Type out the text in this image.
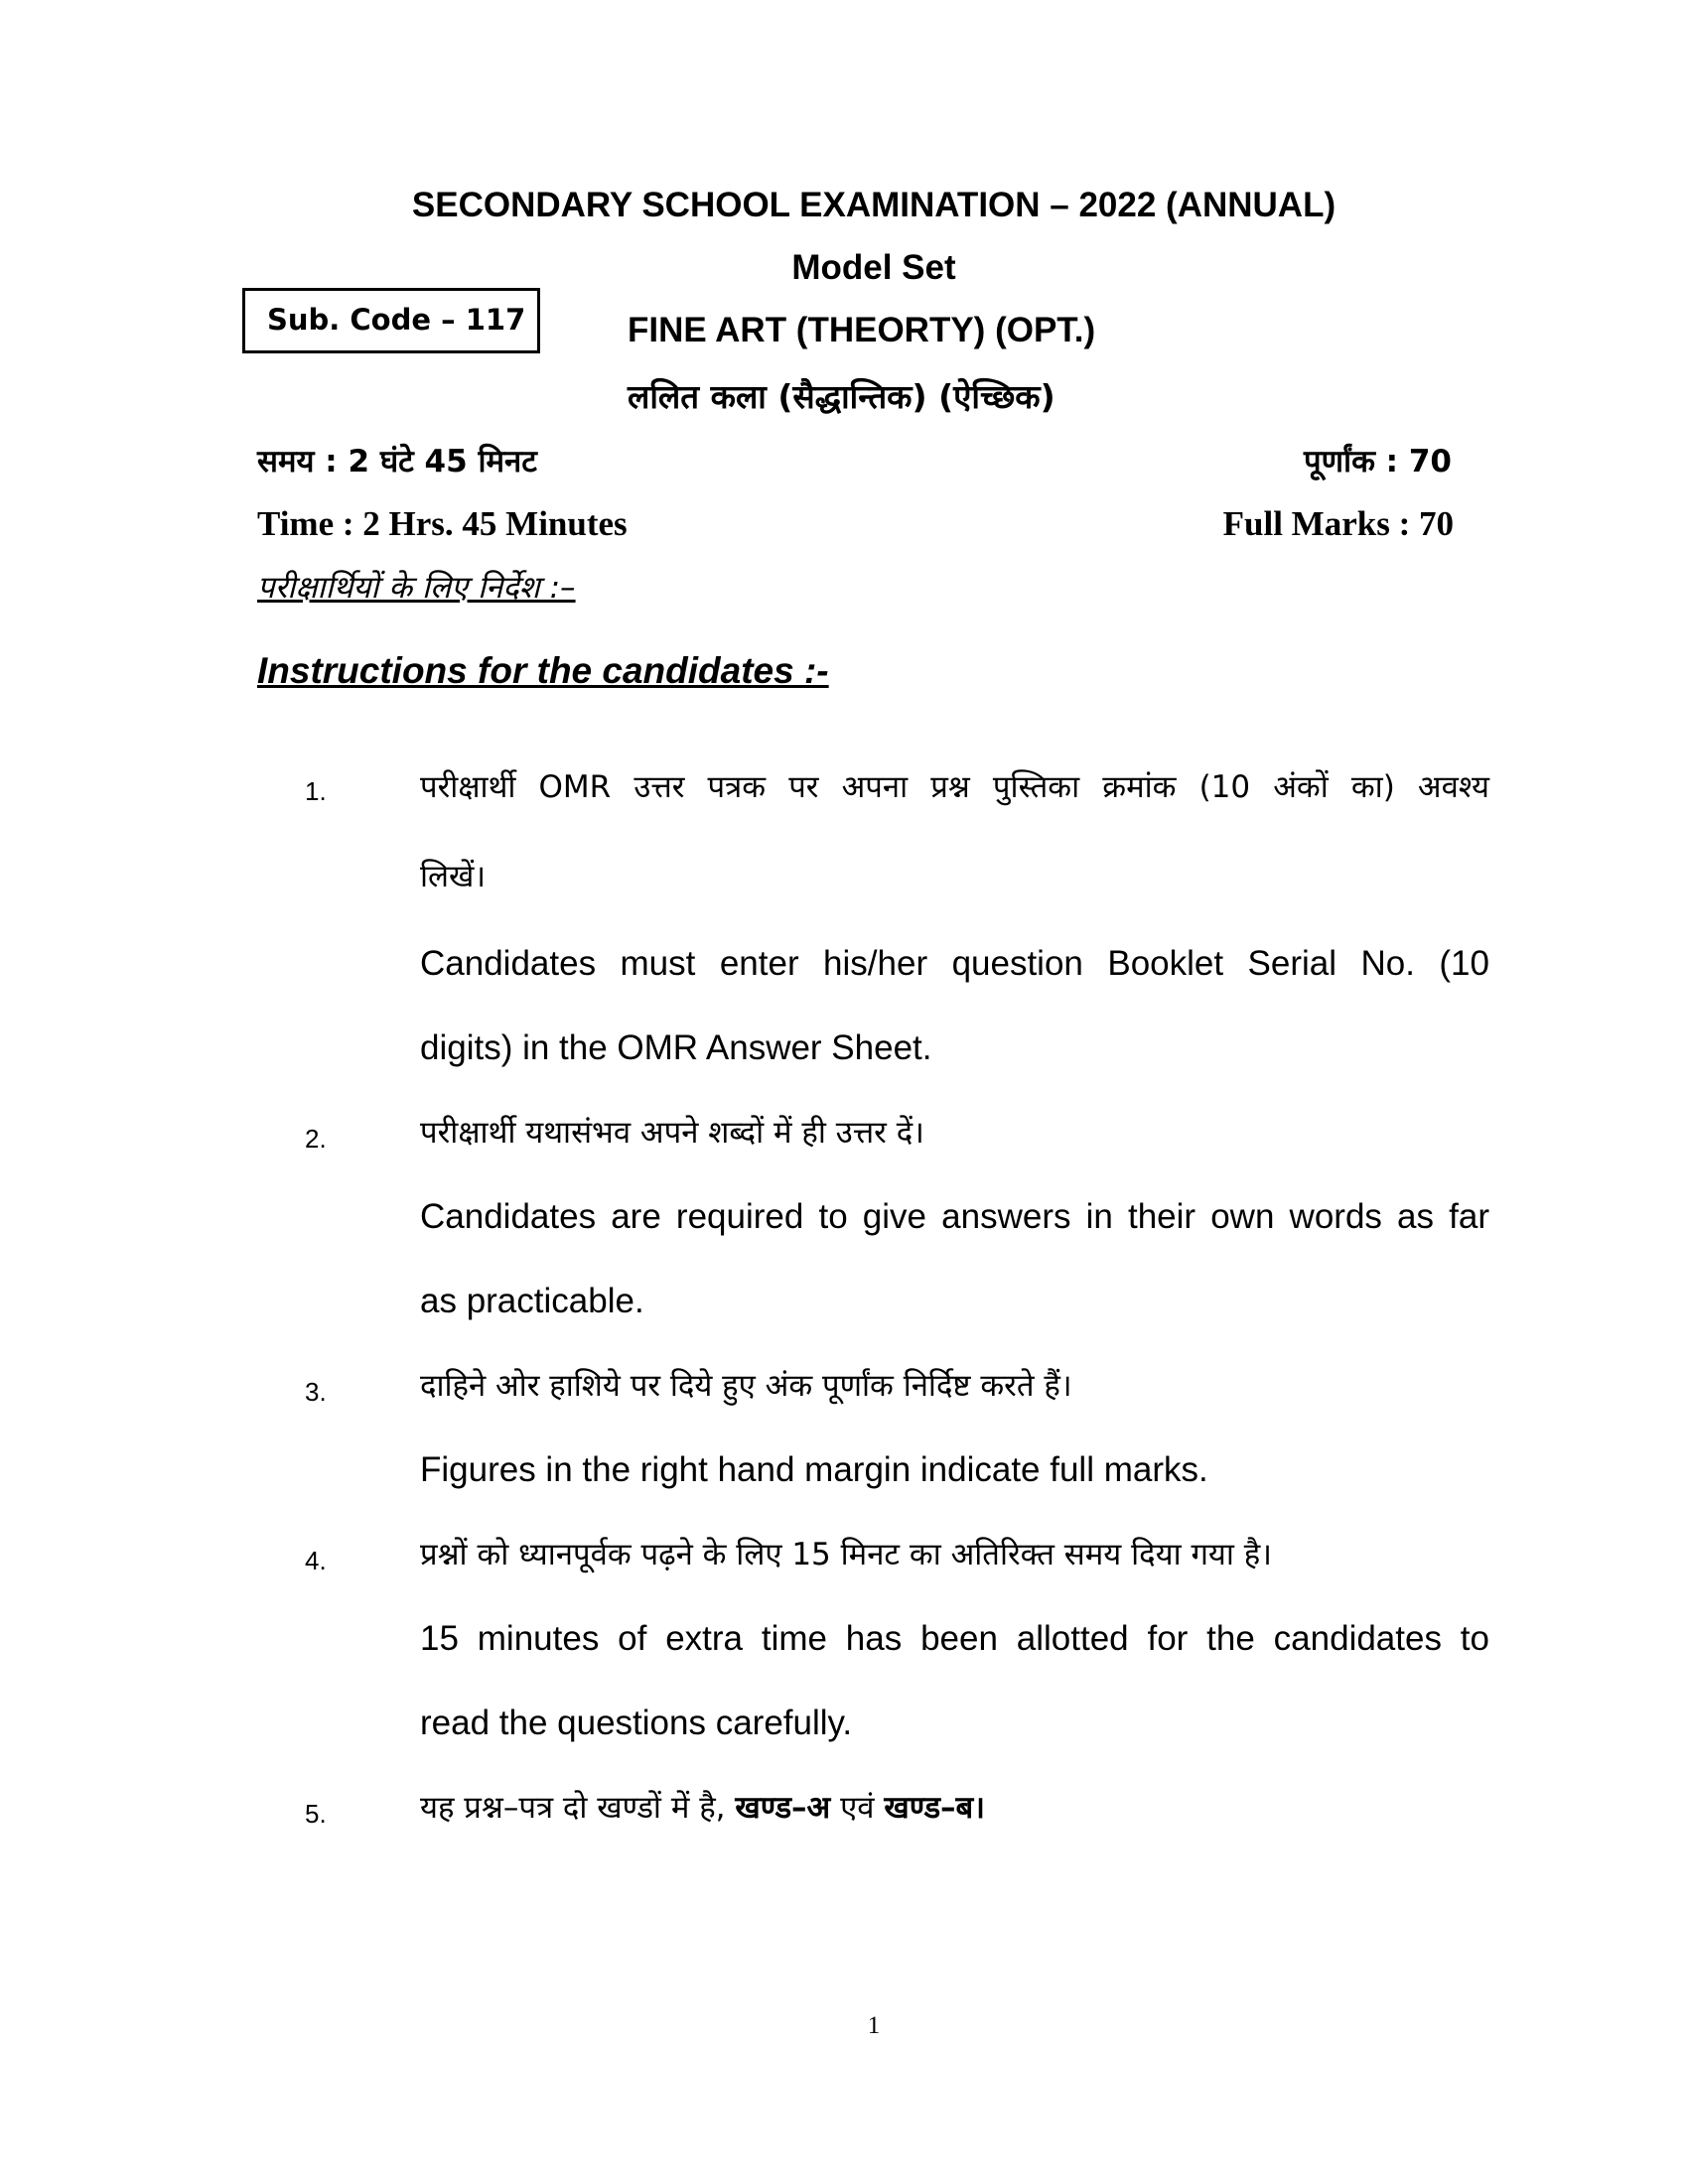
SECONDARY SCHOOL EXAMINATION – 2022 (ANNUAL)
Model Set
Sub. Code – 117	FINE ART (THEORTY) (OPT.)
ललित कला (सैद्धान्तिक) (ऐच्छिक)
समय : 2 घंटे 45 मिनट	पूर्णांक : 70
Time : 2 Hrs. 45 Minutes	Full Marks : 70
परीक्षार्थियों के लिए निर्देश :–
Instructions for the candidates :-
1.	परीक्षार्थी OMR उत्तर पत्रक पर अपना प्रश्न पुस्तिका क्रमांक (10 अंकों का) अवश्य
लिखें।
Candidates must enter his/her question Booklet Serial No. (10
digits) in the OMR Answer Sheet.
2.	परीक्षार्थी यथासंभव अपने शब्दों में ही उत्तर दें।
Candidates are required to give answers in their own words as far
as practicable.
3.	दाहिने ओर हाशिये पर दिये हुए अंक पूर्णांक निर्दिष्ट करते हैं।
Figures in the right hand margin indicate full marks.
4.	प्रश्नों को ध्यानपूर्वक पढ़ने के लिए 15 मिनट का अतिरिक्त समय दिया गया है।
15 minutes of extra time has been allotted for the candidates to
read the questions carefully.
5.	यह प्रश्न–पत्र दो खण्डों में है, खण्ड–अ एवं खण्ड–ब।
1
